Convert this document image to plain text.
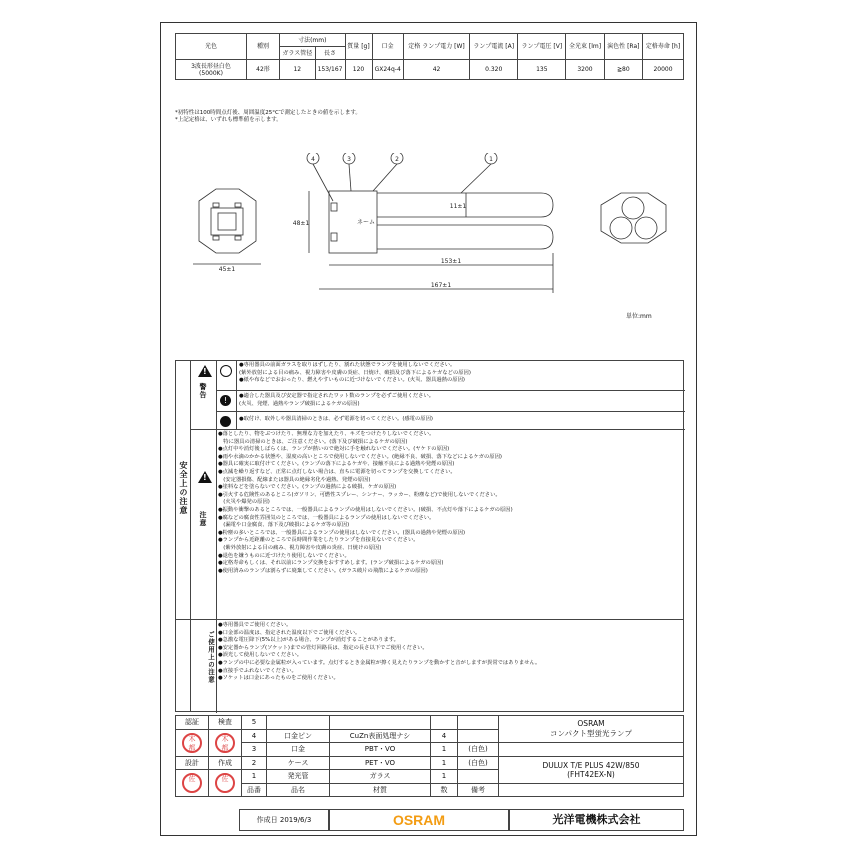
光色	種別	寸法(mm)		質量 [g]	口金	定格 ランプ電力 [W]	ランプ電流 [A]	ランプ電圧 [V]	全光束 [lm]	演色性 [Ra]	定格寿命 [h]
		ガラス管径	長さ								
3波長形昼白色
(5000K)	42形	12	153/167	120	GX24q-4	42	0.320	135	3200	≧80	20000
*初特性は100時間点灯後、周囲温度25°Cで測定したときの値を示します。
*上記定格は、いずれも標準値を示します。
4	3	2	1
45±1
48±1
11±1
153±1
167±1
ネーム
単位:mm
安全上の注意
!
警告
!
注意
!
●専用器具の前面ガラスを取りはずしたり、割れた状態でランプを使用しないでください。
(紫外放射による目の痛み、視力障害や皮膚の炎症、日焼け、破損及び落下によるケガなどの原因)
●紙や布などでおおったり、燃えやすいものに近づけないでください。(火災、器具過熱の原因)
●適合した器具及び安定器で指定されたワット数のランプを必ずご使用ください。
(火災、発煙、過熱やランプ破損によるケガの原因)
●取付け、取外しや器具清掃のときは、必ず電源を切ってください。(感電の原因)
●落としたり、物をぶつけたり、無理な力を加えたり、キズをつけたりしないでください。
　特に器具の清掃のときは、ご注意ください。(落下及び破損によるケガの原因)
●点灯中や消灯後しばらくは、ランプが熱いので絶対に手を触れないでください。(ヤケドの原因)
●雨や水滴のかかる状態や、湿度の高いところで使用しないでください。(絶縁不良、破損、落下などによるケガの原因)
●器具に確実に取付けてください。(ランプの落下によるケガや、接触不良による過熱や発煙の原因)
●点滅を繰り返すなど、正常に点灯しない場合は、直ちに電源を切ってランプを交換してください。
　(安定器損傷、配線または器具の絶縁劣化や過熱、発煙の原因)
●塗料などを塗らないでください。(ランプの過熱による破損、ケガの原因)
●引火する危険性のあるところ(ガソリン、可燃性スプレー、シンナー、ラッカー、粉塵など)で使用しないでください。
　(火災や爆発の原因)
●振動や衝撃のあるところでは、一般器具によるランプの使用はしないでください。(破損、不点灯や落下によるケガの原因)
●腐などの腐食性雰囲気のところでは、一般器具によるランプの使用はしないでください。
　(漏電や口金腐食、落下及び破損によるケガ等の原因)
●粉塵の多いところでは、一般器具によるランプの使用はしないでください。(器具の過熱や発煙の原因)
●ランプから近距離のところで長時間作業をしたりランプを直接見ないでください。
　(紫外放射による目の痛み、視力障害や皮膚の炎症、日焼けの原因)
●退色を嫌うものに近づけたり使用しないでください。
●定格寿命もしくは、それ以前にランプ交換をおすすめします。(ランプ破損によるケガの原因)
●使用済みのランプは割らずに廃棄してください。(ガラス破片の飛散によるケガの原因)
ご使用上の注意
●専用器具でご使用ください。
●口金部の温度は、指定された温度以下でご使用ください。
●急激な電圧降下(5%以上)がある場合、ランプが消灯することがあります。
●安定器からランプ(ソケット)までの管灯回路長は、指定の長さ以下でご使用ください。
●誤光して使用しないでください。
●ランプの中に必要な金属粒が入っています。点灯するとき金属粒が擦く見えたりランプを動かすと音がしますが異常ではありません。
●直接手でふれないでください。
●ソケットは口金にあったものをご使用ください。
認証	検査	5					OSRAM
コンパクト型蛍光ランプ
木
都	木
都	4	口金ピン	CuZn表面処理ナシ	4		
		3	口金	PBT・VO	1	(白色)	
設計	作成	2	ケース	PET・VO	1	(白色)	DULUX T/E PLUS 42W/850
(FHT42EX-N)
佐	佐	1	発光管	ガラス	1		
		品番	品名	材質	数	備考	
作成日 2019/6/3	OSRAM	光洋電機株式会社
